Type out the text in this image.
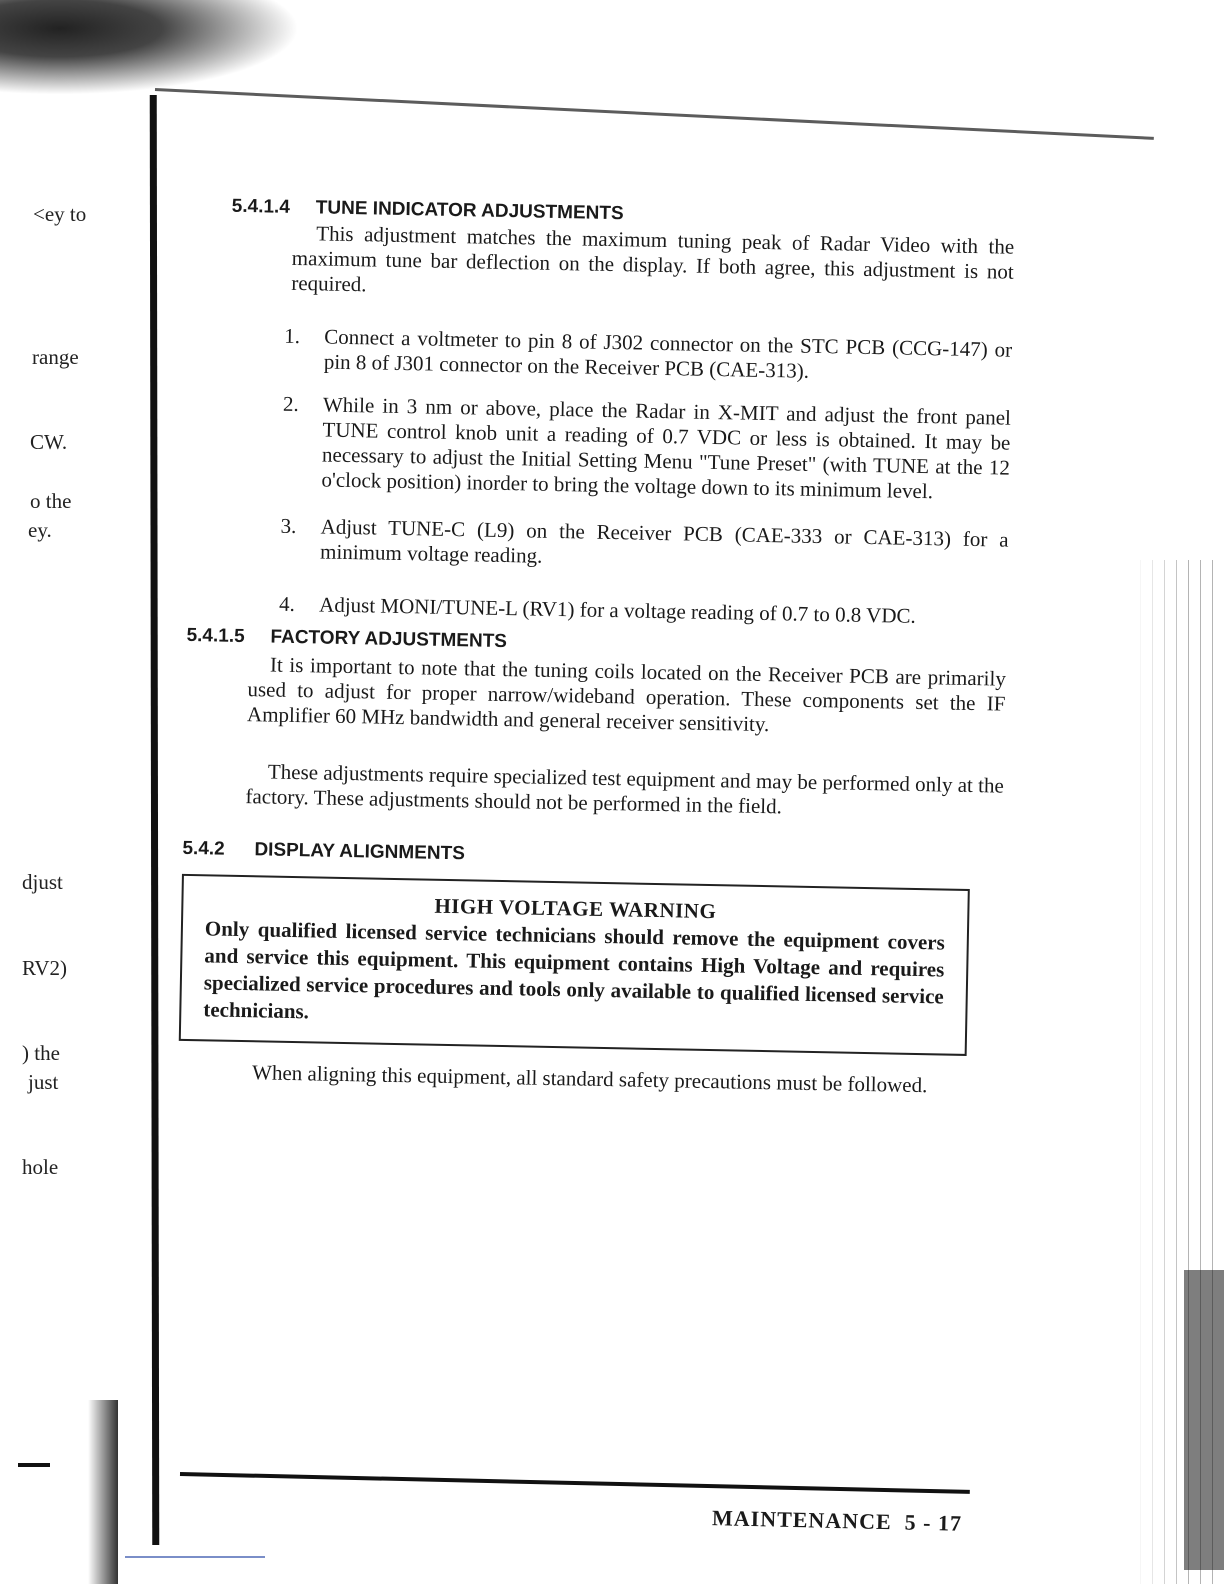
<ey to
range
CW.
o the
ey.
djust
RV2)
) the
just
hole
5.4.1.4 TUNE INDICATOR ADJUSTMENTS

This adjustment matches the maximum tuning peak of Radar Video with the maximum tune bar deflection on the display. If both agree, this adjustment is not required.

1. Connect a voltmeter to pin 8 of J302 connector on the STC PCB (CCG-147) or pin 8 of J301 connector on the Receiver PCB (CAE-313).
2. While in 3 nm or above, place the Radar in X-MIT and adjust the front panel TUNE control knob unit a reading of 0.7 VDC or less is obtained. It may be necessary to adjust the Initial Setting Menu "Tune Preset" (with TUNE at the 12 o'clock position) inorder to bring the voltage down to its minimum level.
3. Adjust TUNE-C (L9) on the Receiver PCB (CAE-333 or CAE-313) for a minimum voltage reading.
4. Adjust MONI/TUNE-L (RV1) for a voltage reading of 0.7 to 0.8 VDC.
5.4.1.5 FACTORY ADJUSTMENTS

It is important to note that the tuning coils located on the Receiver PCB are primarily used to adjust for proper narrow/wideband operation. These components set the IF Amplifier 60 MHz bandwidth and general receiver sensitivity.

These adjustments require specialized test equipment and may be performed only at the factory. These adjustments should not be performed in the field.

5.4.2 DISPLAY ALIGNMENTS
HIGH VOLTAGE WARNING
Only qualified licensed service technicians should remove the equipment covers and service this equipment. This equipment contains High Voltage and requires specialized service procedures and tools only available to qualified licensed service technicians.

When aligning this equipment, all standard safety precautions must be followed.

MAINTENANCE 5 - 17
